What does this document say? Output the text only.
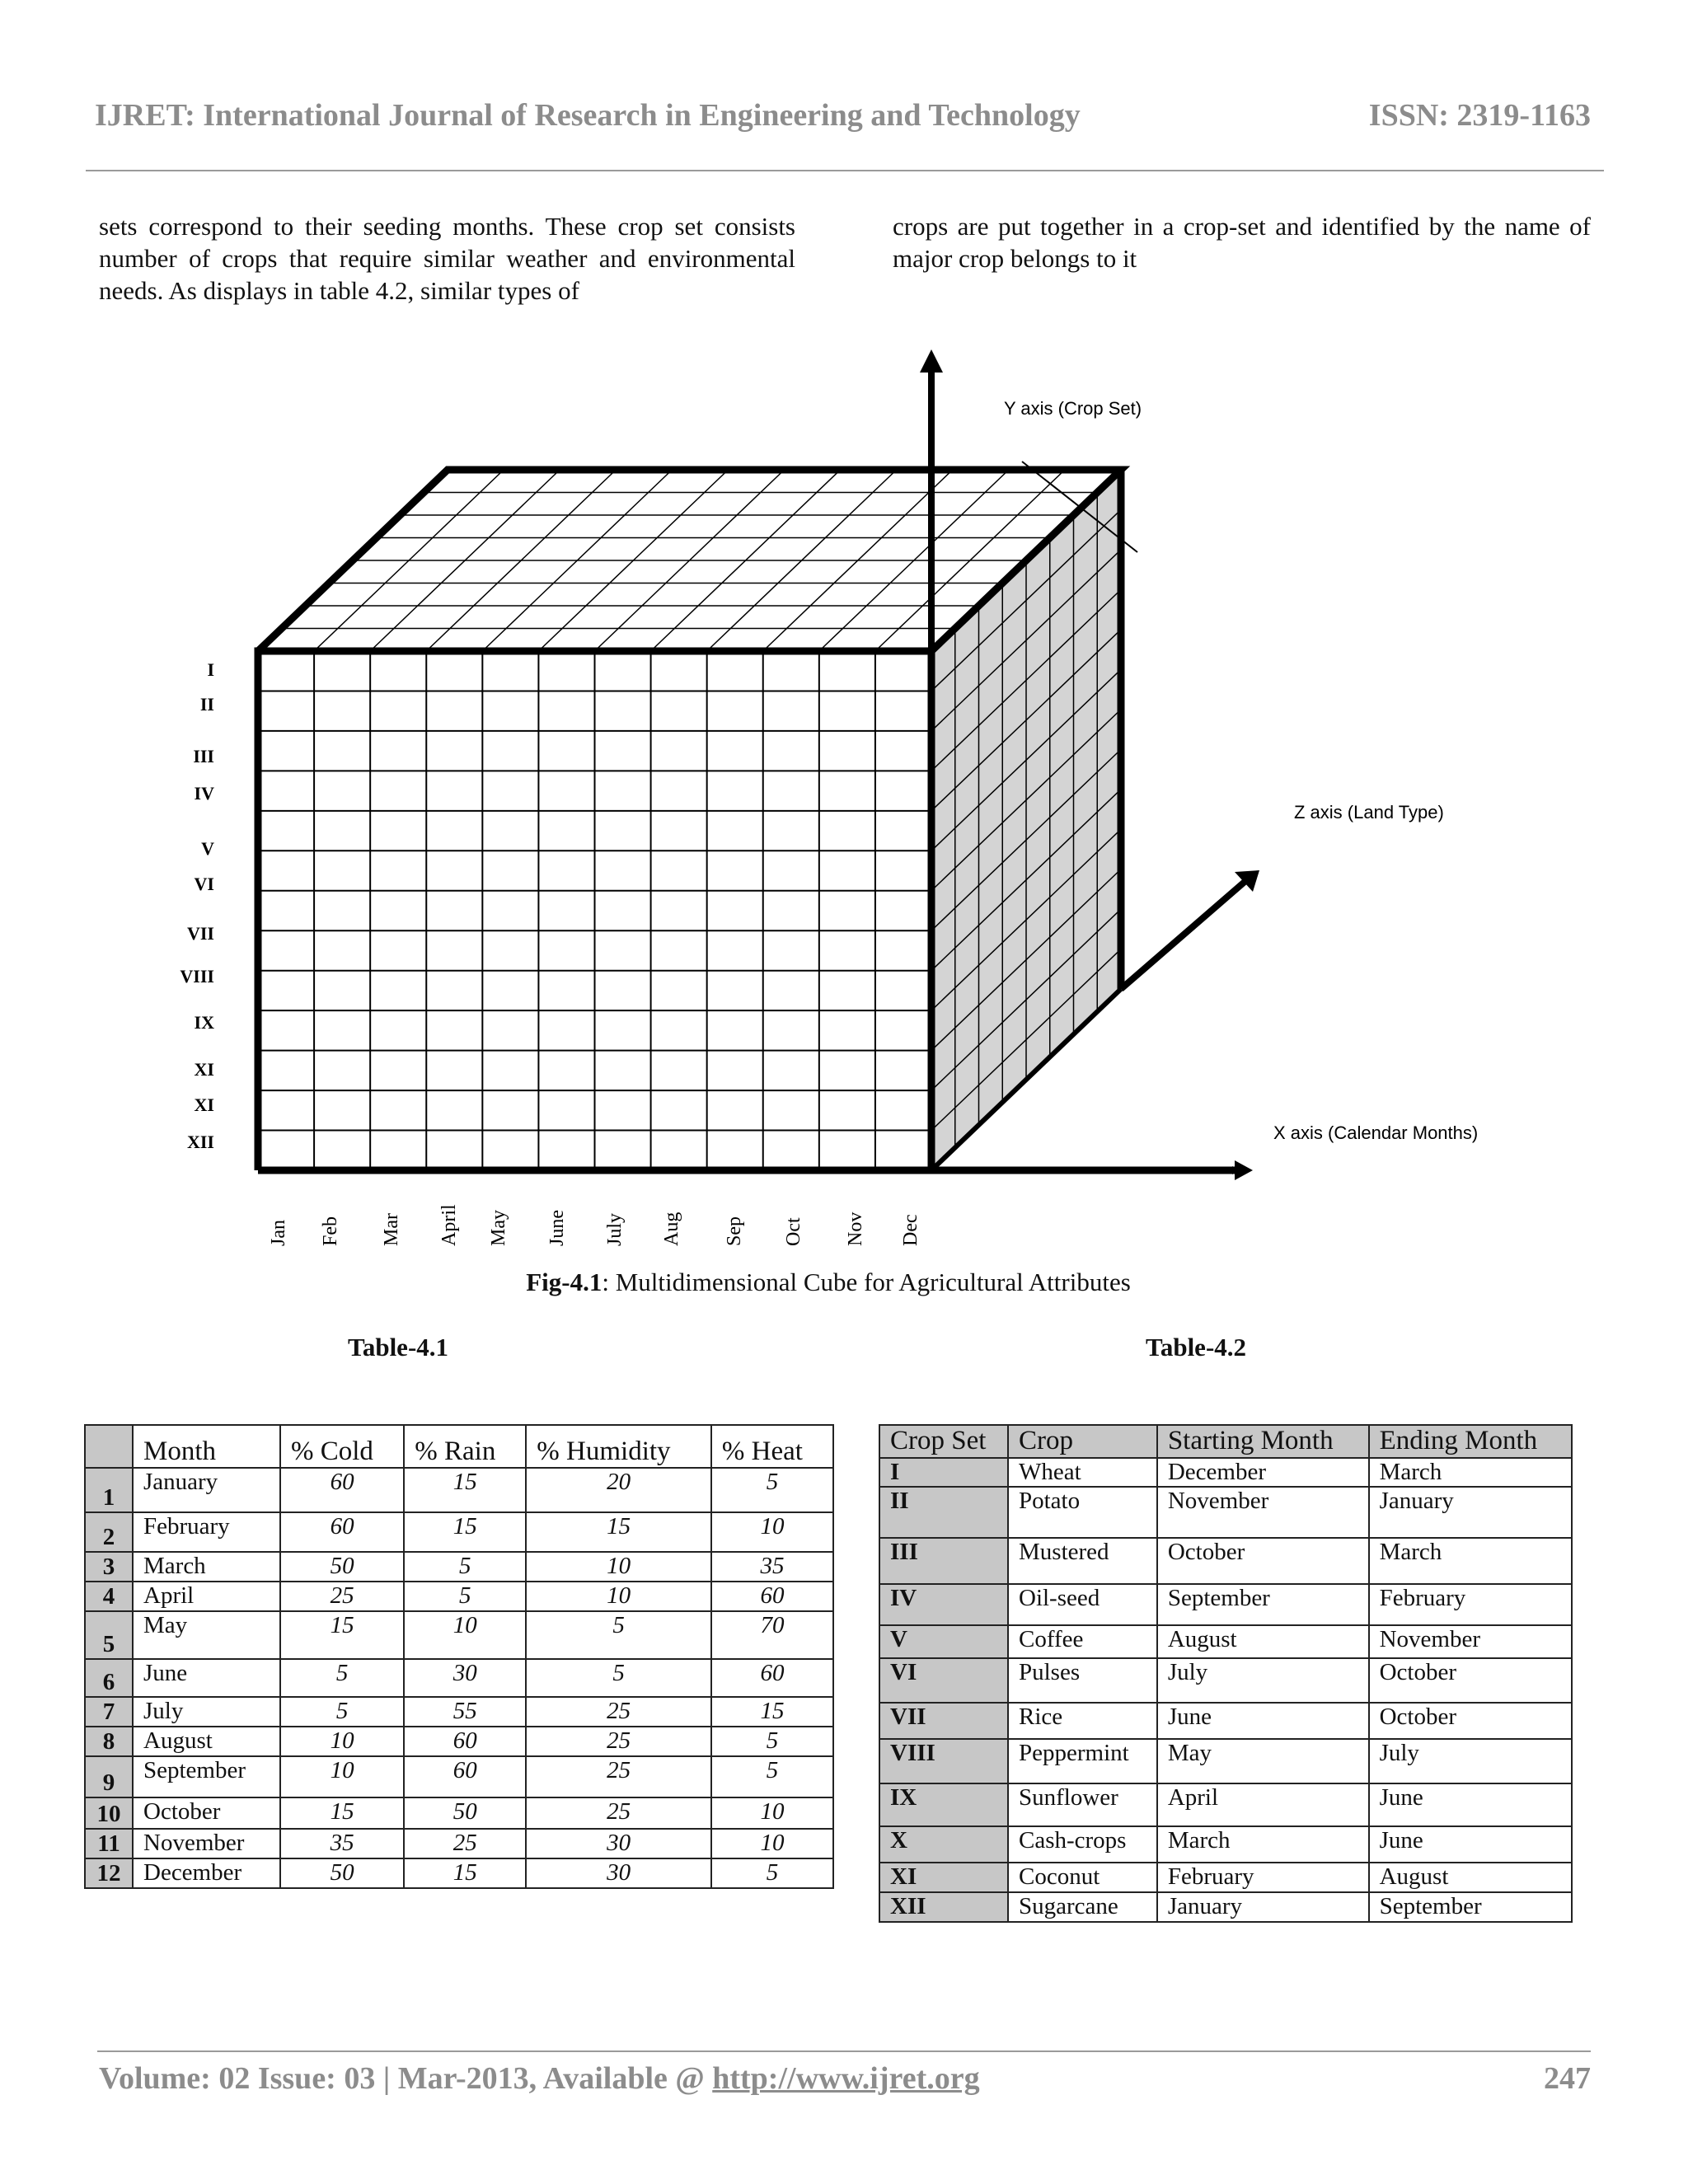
IJRET: International Journal of Research in Engineering and Technology	ISSN: 2319-1163
sets correspond to their seeding months. These crop set consists number of crops that require similar weather and environmental needs. As displays in table 4.2, similar types of
crops are put together in a crop-set and identified by the name of major crop belongs to it
Y axis (Crop Set)
Z axis (Land Type)
X axis (Calendar Months)
I
II
III
IV
V
VI
VII
VIII
IX
XI
XI
XII
Jan Feb Mar April May June July Aug Sep Oct Nov Dec
Fig-4.1: Multidimensional Cube for Agricultural Attributes
Table-4.1	Table-4.2
	Month	% Cold	% Rain	% Humidity	% Heat
1	January	60	15	20	5
2	February	60	15	15	10
3	March	50	5	10	35
4	April	25	5	10	60
5	May	15	10	5	70
6	June	5	30	5	60
7	July	5	55	25	15
8	August	10	60	25	5
9	September	10	60	25	5
10	October	15	50	25	10
11	November	35	25	30	10
12	December	50	15	30	5
Crop Set	Crop	Starting Month	Ending Month
I	Wheat	December	March
II	Potato	November	January
III	Mustered	October	March
IV	Oil-seed	September	February
V	Coffee	August	November
VI	Pulses	July	October
VII	Rice	June	October
VIII	Peppermint	May	July
IX	Sunflower	April	June
X	Cash-crops	March	June
XI	Coconut	February	August
XII	Sugarcane	January	September
Volume: 02 Issue: 03 | Mar-2013, Available @ http://www.ijret.org	247
